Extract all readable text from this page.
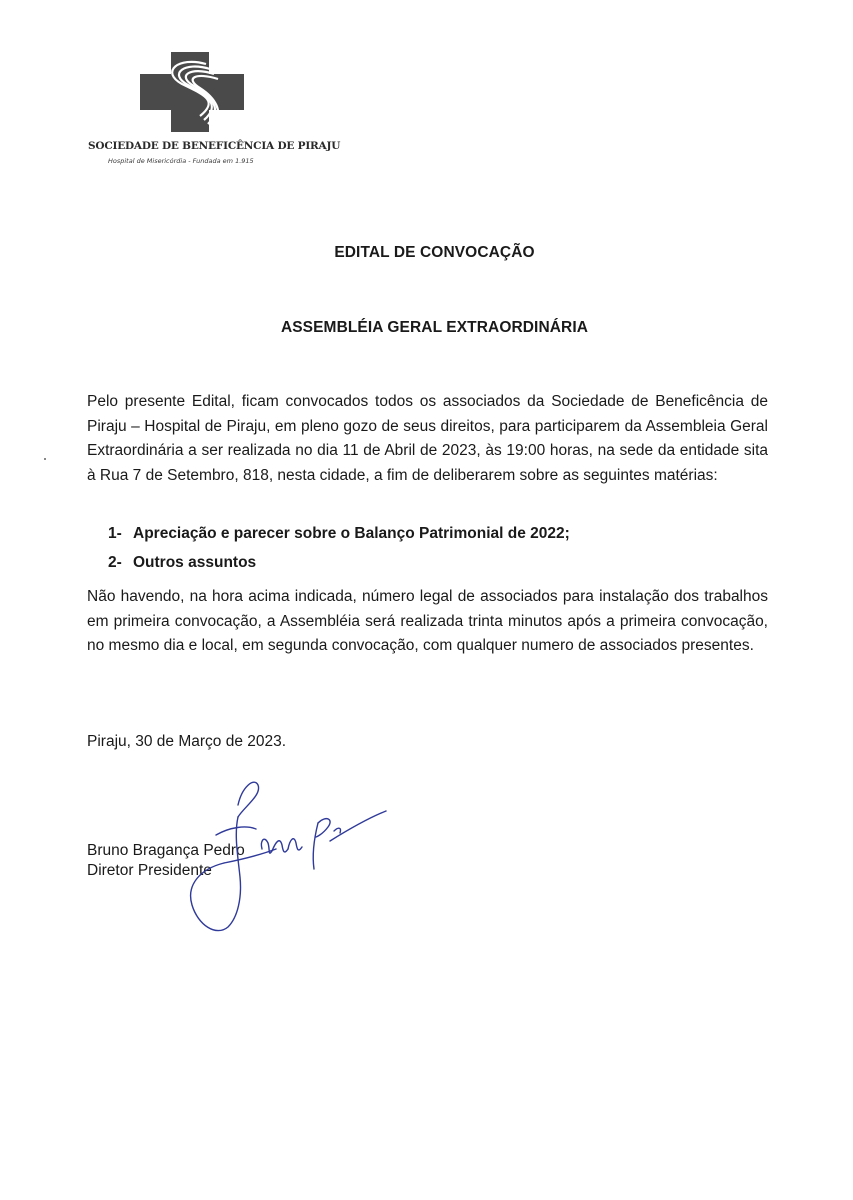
SOCIEDADE DE BENEFICÊNCIA DE PIRAJU
Hospital de Misericórdia - Fundada em 1.915
EDITAL DE CONVOCAÇÃO
ASSEMBLÉIA GERAL EXTRAORDINÁRIA
Pelo presente Edital, ficam convocados todos os associados da Sociedade de Beneficência de Piraju – Hospital de Piraju, em pleno gozo de seus direitos, para participarem da Assembleia Geral Extraordinária a ser realizada no dia 11 de Abril de 2023, às 19:00 horas, na sede da entidade sita à Rua 7 de Setembro, 818, nesta cidade, a fim de deliberarem sobre as seguintes matérias:
1- Apreciação e parecer sobre o Balanço Patrimonial de 2022;
2- Outros assuntos
Não havendo, na hora acima indicada, número legal de associados para instalação dos trabalhos em primeira convocação, a Assembléia será realizada trinta minutos após a primeira convocação, no mesmo dia e local, em segunda convocação, com qualquer numero de associados presentes.
Piraju, 30 de Março de 2023.
Bruno Bragança Pedro
Diretor Presidente
